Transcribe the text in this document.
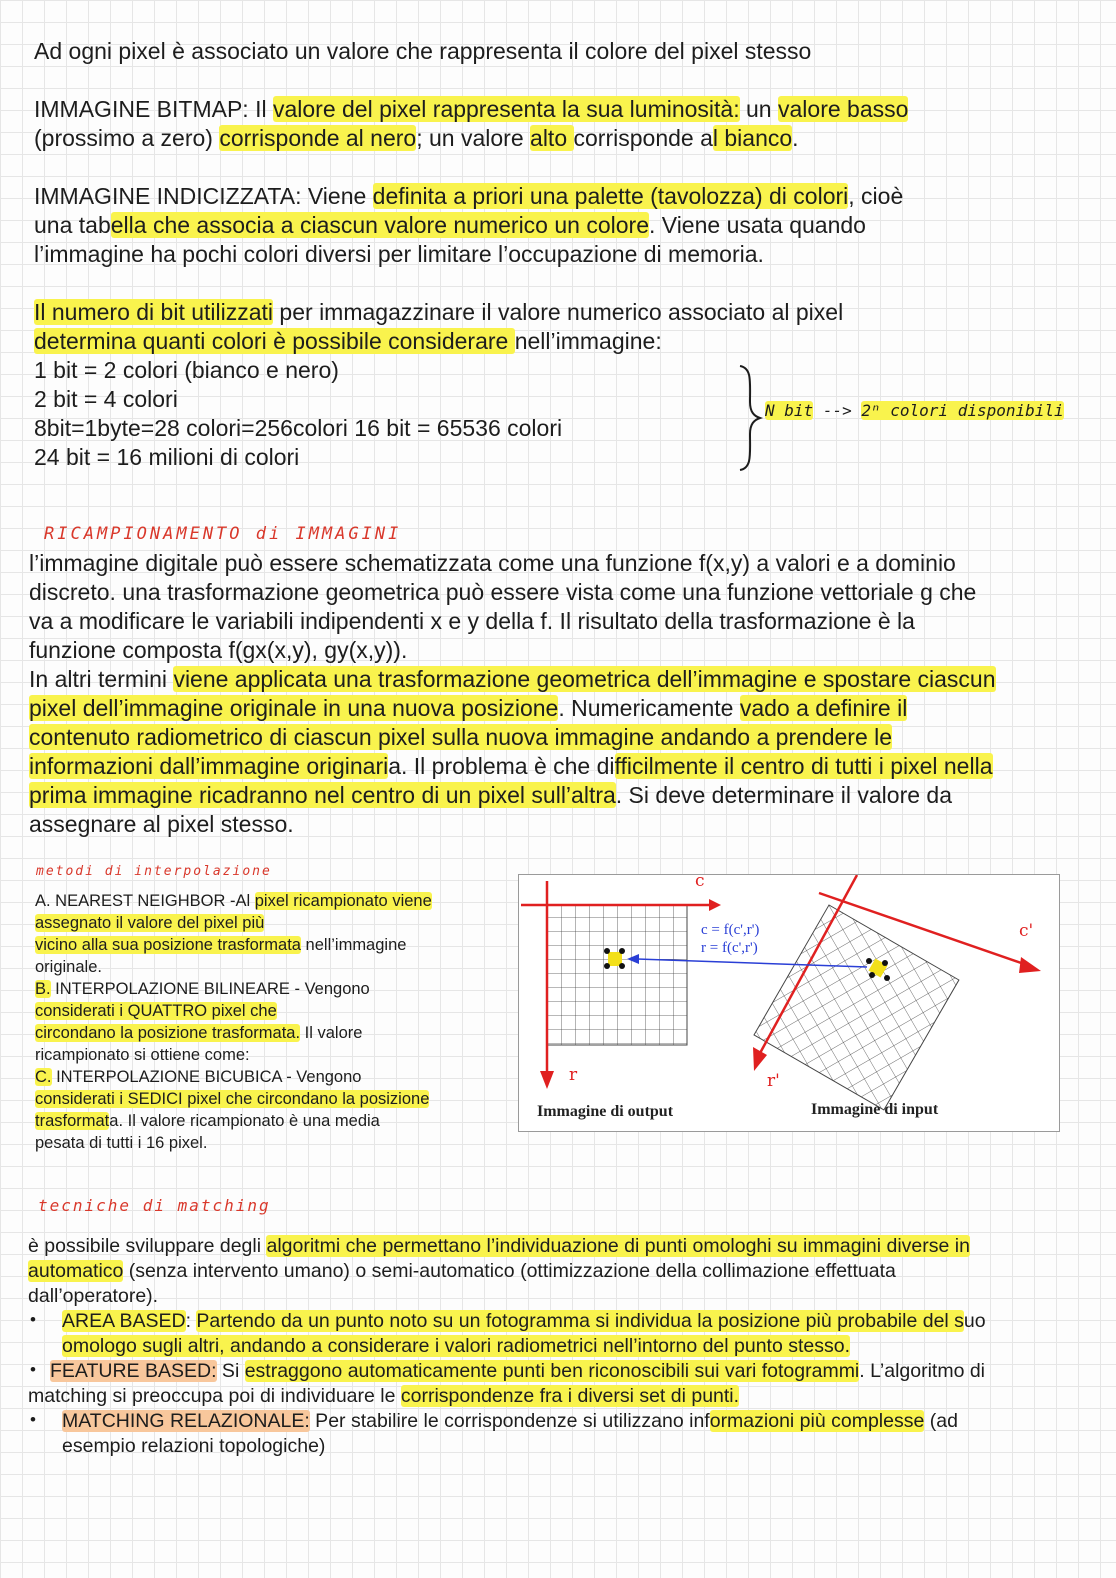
Ad ogni pixel è associato un valore che rappresenta il colore del pixel stesso

IMMAGINE BITMAP: Il valore del pixel rappresenta la sua luminosità: un valore basso

(prossimo a zero) corrisponde al nero; un valore alto corrisponde al bianco.

IMMAGINE INDICIZZATA: Viene definita a priori una palette (tavolozza) di colori, cioè

una tabella che associa a ciascun valore numerico un colore. Viene usata quando

l’immagine ha pochi colori diversi per limitare l’occupazione di memoria.

Il numero di bit utilizzati per immagazzinare il valore numerico associato al pixel

determina quanti colori è possibile considerare nell’immagine:

1 bit = 2 colori (bianco e nero)

2 bit = 4 colori

8bit=1byte=28 colori=256colori 16 bit = 65536 colori

24 bit = 16 milioni di colori

N bit --> 2ⁿ colori disponibili
RICAMPIONAMENTO di IMMAGINI

l’immagine digitale può essere schematizzata come una funzione f(x,y) a valori e a dominio

discreto. una trasformazione geometrica può essere vista come una funzione vettoriale g che

va a modificare le variabili indipendenti x e y della f. Il risultato della trasformazione è la

funzione composta f(gx(x,y), gy(x,y)).

In altri termini viene applicata una trasformazione geometrica dell’immagine e spostare ciascun

pixel dell’immagine originale in una nuova posizione. Numericamente vado a definire il

contenuto radiometrico di ciascun pixel sulla nuova immagine andando a prendere le

informazioni dall’immagine originaria. Il problema è che difficilmente il centro di tutti i pixel nella

prima immagine ricadranno nel centro di un pixel sull’altra. Si deve determinare il valore da

assegnare al pixel stesso.

metodi di interpolazione

A. NEAREST NEIGHBOR -Al pixel ricampionato viene

assegnato il valore del pixel più

vicino alla sua posizione trasformata nell’immagine

originale.

B. INTERPOLAZIONE BILINEARE - Vengono

considerati i QUATTRO pixel che

circondano la posizione trasformata. Il valore

ricampionato si ottiene come:

C. INTERPOLAZIONE BICUBICA - Vengono

considerati i SEDICI pixel che circondano la posizione

trasformata. Il valore ricampionato è una media

pesata di tutti i 16 pixel.

c
r
c'
r'
c = f(c',r')
r = f(c',r')
Immagine di output	Immagine di input
tecniche di matching

è possibile sviluppare degli algoritmi che permettano l’individuazione di punti omologhi su immagini diverse in

automatico (senza intervento umano) o semi-automatico (ottimizzazione della collimazione effettuata

dall’operatore).

• AREA BASED: Partendo da un punto noto su un fotogramma si individua la posizione più probabile del suo

omologo sugli altri, andando a considerare i valori radiometrici nell’intorno del punto stesso.

• FEATURE BASED: Si estraggono automaticamente punti ben riconoscibili sui vari fotogrammi. L’algoritmo di

matching si preoccupa poi di individuare le corrispondenze fra i diversi set di punti.

• MATCHING RELAZIONALE: Per stabilire le corrispondenze si utilizzano informazioni più complesse (ad

esempio relazioni topologiche)
